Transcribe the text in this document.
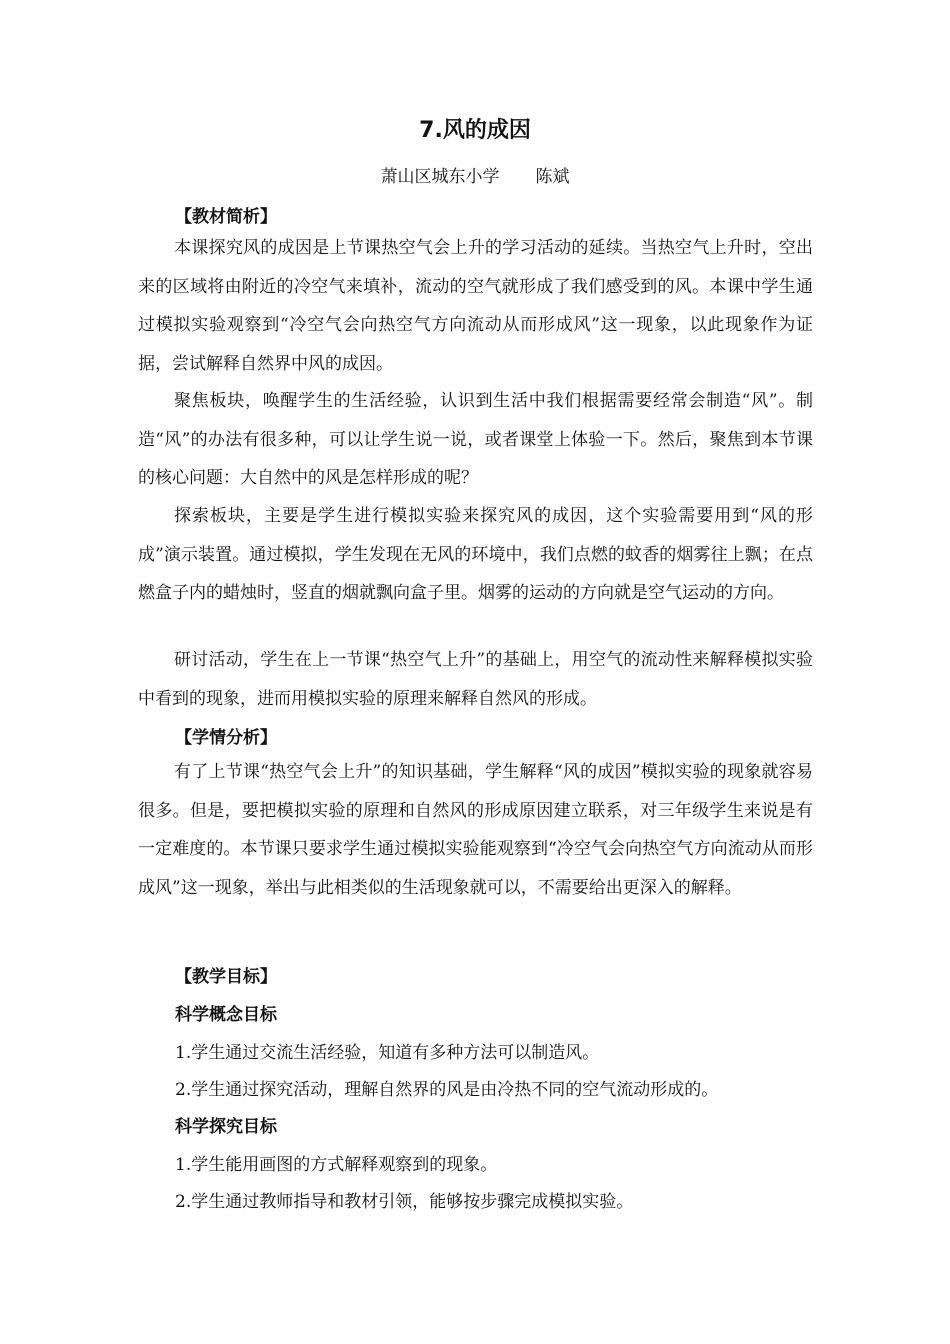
7.风的成因
萧山区城东小学 陈斌
【教材简析】
本课探究风的成因是上节课热空气会上升的学习活动的延续。当热空气上升时，空出来的区域将由附近的冷空气来填补，流动的空气就形成了我们感受到的风。本课中学生通过模拟实验观察到“冷空气会向热空气方向流动从而形成风”这一现象，以此现象作为证据，尝试解释自然界中风的成因。
聚焦板块，唤醒学生的生活经验，认识到生活中我们根据需要经常会制造“风”。制造“风”的办法有很多种，可以让学生说一说，或者课堂上体验一下。然后，聚焦到本节课的核心问题：大自然中的风是怎样形成的呢？
探索板块，主要是学生进行模拟实验来探究风的成因，这个实验需要用到“风的形成”演示装置。通过模拟，学生发现在无风的环境中，我们点燃的蚊香的烟雾往上飘；在点燃盒子内的蜡烛时，竖直的烟就飘向盒子里。烟雾的运动的方向就是空气运动的方向。
研讨活动，学生在上一节课“热空气上升”的基础上，用空气的流动性来解释模拟实验中看到的现象，进而用模拟实验的原理来解释自然风的形成。
【学情分析】
有了上节课“热空气会上升”的知识基础，学生解释“风的成因”模拟实验的现象就容易很多。但是，要把模拟实验的原理和自然风的形成原因建立联系，对三年级学生来说是有一定难度的。本节课只要求学生通过模拟实验能观察到“冷空气会向热空气方向流动从而形成风”这一现象，举出与此相类似的生活现象就可以，不需要给出更深入的解释。
【教学目标】
科学概念目标
1.学生通过交流生活经验，知道有多种方法可以制造风。
2.学生通过探究活动，理解自然界的风是由冷热不同的空气流动形成的。
科学探究目标
1.学生能用画图的方式解释观察到的现象。
2.学生通过教师指导和教材引领，能够按步骤完成模拟实验。
